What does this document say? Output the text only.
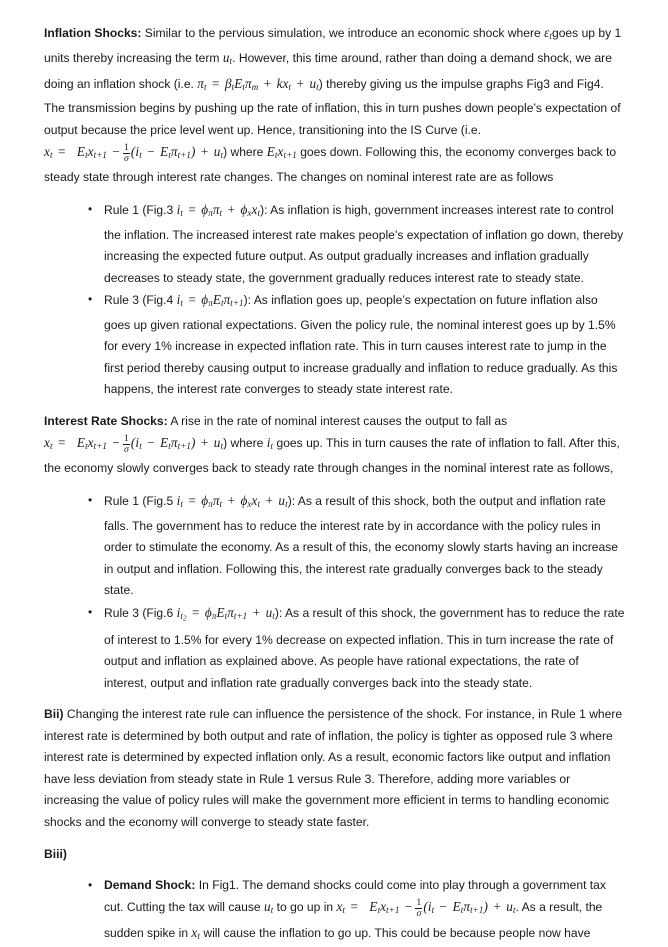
Inflation Shocks: Similar to the pervious simulation, we introduce an economic shock where $\varepsilon_tgoes$ up by 1 units thereby increasing the term $u_t$. However, this time around, rather than doing a demand shock, we are doing an inflation shock (i.e. $\pi_t = \beta_tE_t\pi_m + kx_t + u_t$) thereby giving us the impulse graphs Fig3 and Fig4. The transmission begins by pushing up the rate of inflation, this in turn pushes down people’s expectation of output because the price level went up. Hence, transitioning into the IS Curve (i.e. $x_t = E_tx_{t+1} - \frac{1}{\sigma} (i_t - E_t\pi_{t+1}) + u_t$) where $E_tx_{t+1}$ goes down. Following this, the economy converges back to steady state through interest rate changes. The changes on nominal interest rate are as follows

• Rule 1 (Fig.3 $i_t = \phi_\pi\pi_t + \phi_xx_t$): As inflation is high, government increases interest rate to control the inflation. The increased interest rate makes people’s expectation of inflation go down, thereby increasing the expected future output. As output gradually increases and inflation gradually decreases to steady state, the government gradually reduces interest rate to steady state.
• Rule 3 (Fig.4 $i_t = \phi_\pi E_t\pi_{t+1}$): As inflation goes up, people’s expectation on future inflation also goes up given rational expectations. Given the policy rule, the nominal interest goes up by 1.5% for every 1% increase in expected inflation rate. This in turn causes interest rate to jump in the first period thereby causing output to increase gradually and inflation to reduce gradually. As this happens, the interest rate converges to steady state interest rate.

Interest Rate Shocks: A rise in the rate of nominal interest causes the output to fall as $x_t = E_tx_{t+1} - \frac{1}{\sigma} (i_t - E_t\pi_{t+1}) + u_t$) where $i_t$ goes up. This in turn causes the rate of inflation to fall. After this, the economy slowly converges back to steady rate through changes in the nominal interest rate as follows,

• Rule 1 (Fig.5 $i_t = \phi_\pi\pi_t + \phi_xx_t + u_t$): As a result of this shock, both the output and inflation rate falls. The government has to reduce the interest rate by in accordance with the policy rules in order to stimulate the economy. As a result of this, the economy slowly starts having an increase in output and inflation. Following this, the interest rate gradually converges back to the steady state.
• Rule 3 (Fig.6 $i_{t_2} = \phi_\pi E_t\pi_{t+1} + u_t$): As a result of this shock, the government has to reduce the rate of interest to 1.5% for every 1% decrease on expected inflation. This in turn increase the rate of output and inflation as explained above. As people have rational expectations, the rate of interest, output and inflation rate gradually converges back into the steady state.

Bii) Changing the interest rate rule can influence the persistence of the shock. For instance, in Rule 1 where interest rate is determined by both output and rate of inflation, the policy is tighter as opposed rule 3 where interest rate is determined by expected inflation only. As a result, economic factors like output and inflation have less deviation from steady state in Rule 1 versus Rule 3. Therefore, adding more variables or increasing the value of policy rules will make the government more efficient in terms to handling economic shocks and the economy will converge to steady state faster.

Biii)

• Demand Shock: In Fig1. The demand shocks could come into play through a government tax cut. Cutting the tax will cause $u_t$ to go up in $x_t = E_tx_{t+1} - \frac{1}{\sigma} (i_t - E_t\pi_{t+1}) + u_t$. As a result, the sudden spike in $x_t$ will cause the inflation to go up. This could be because people now have
